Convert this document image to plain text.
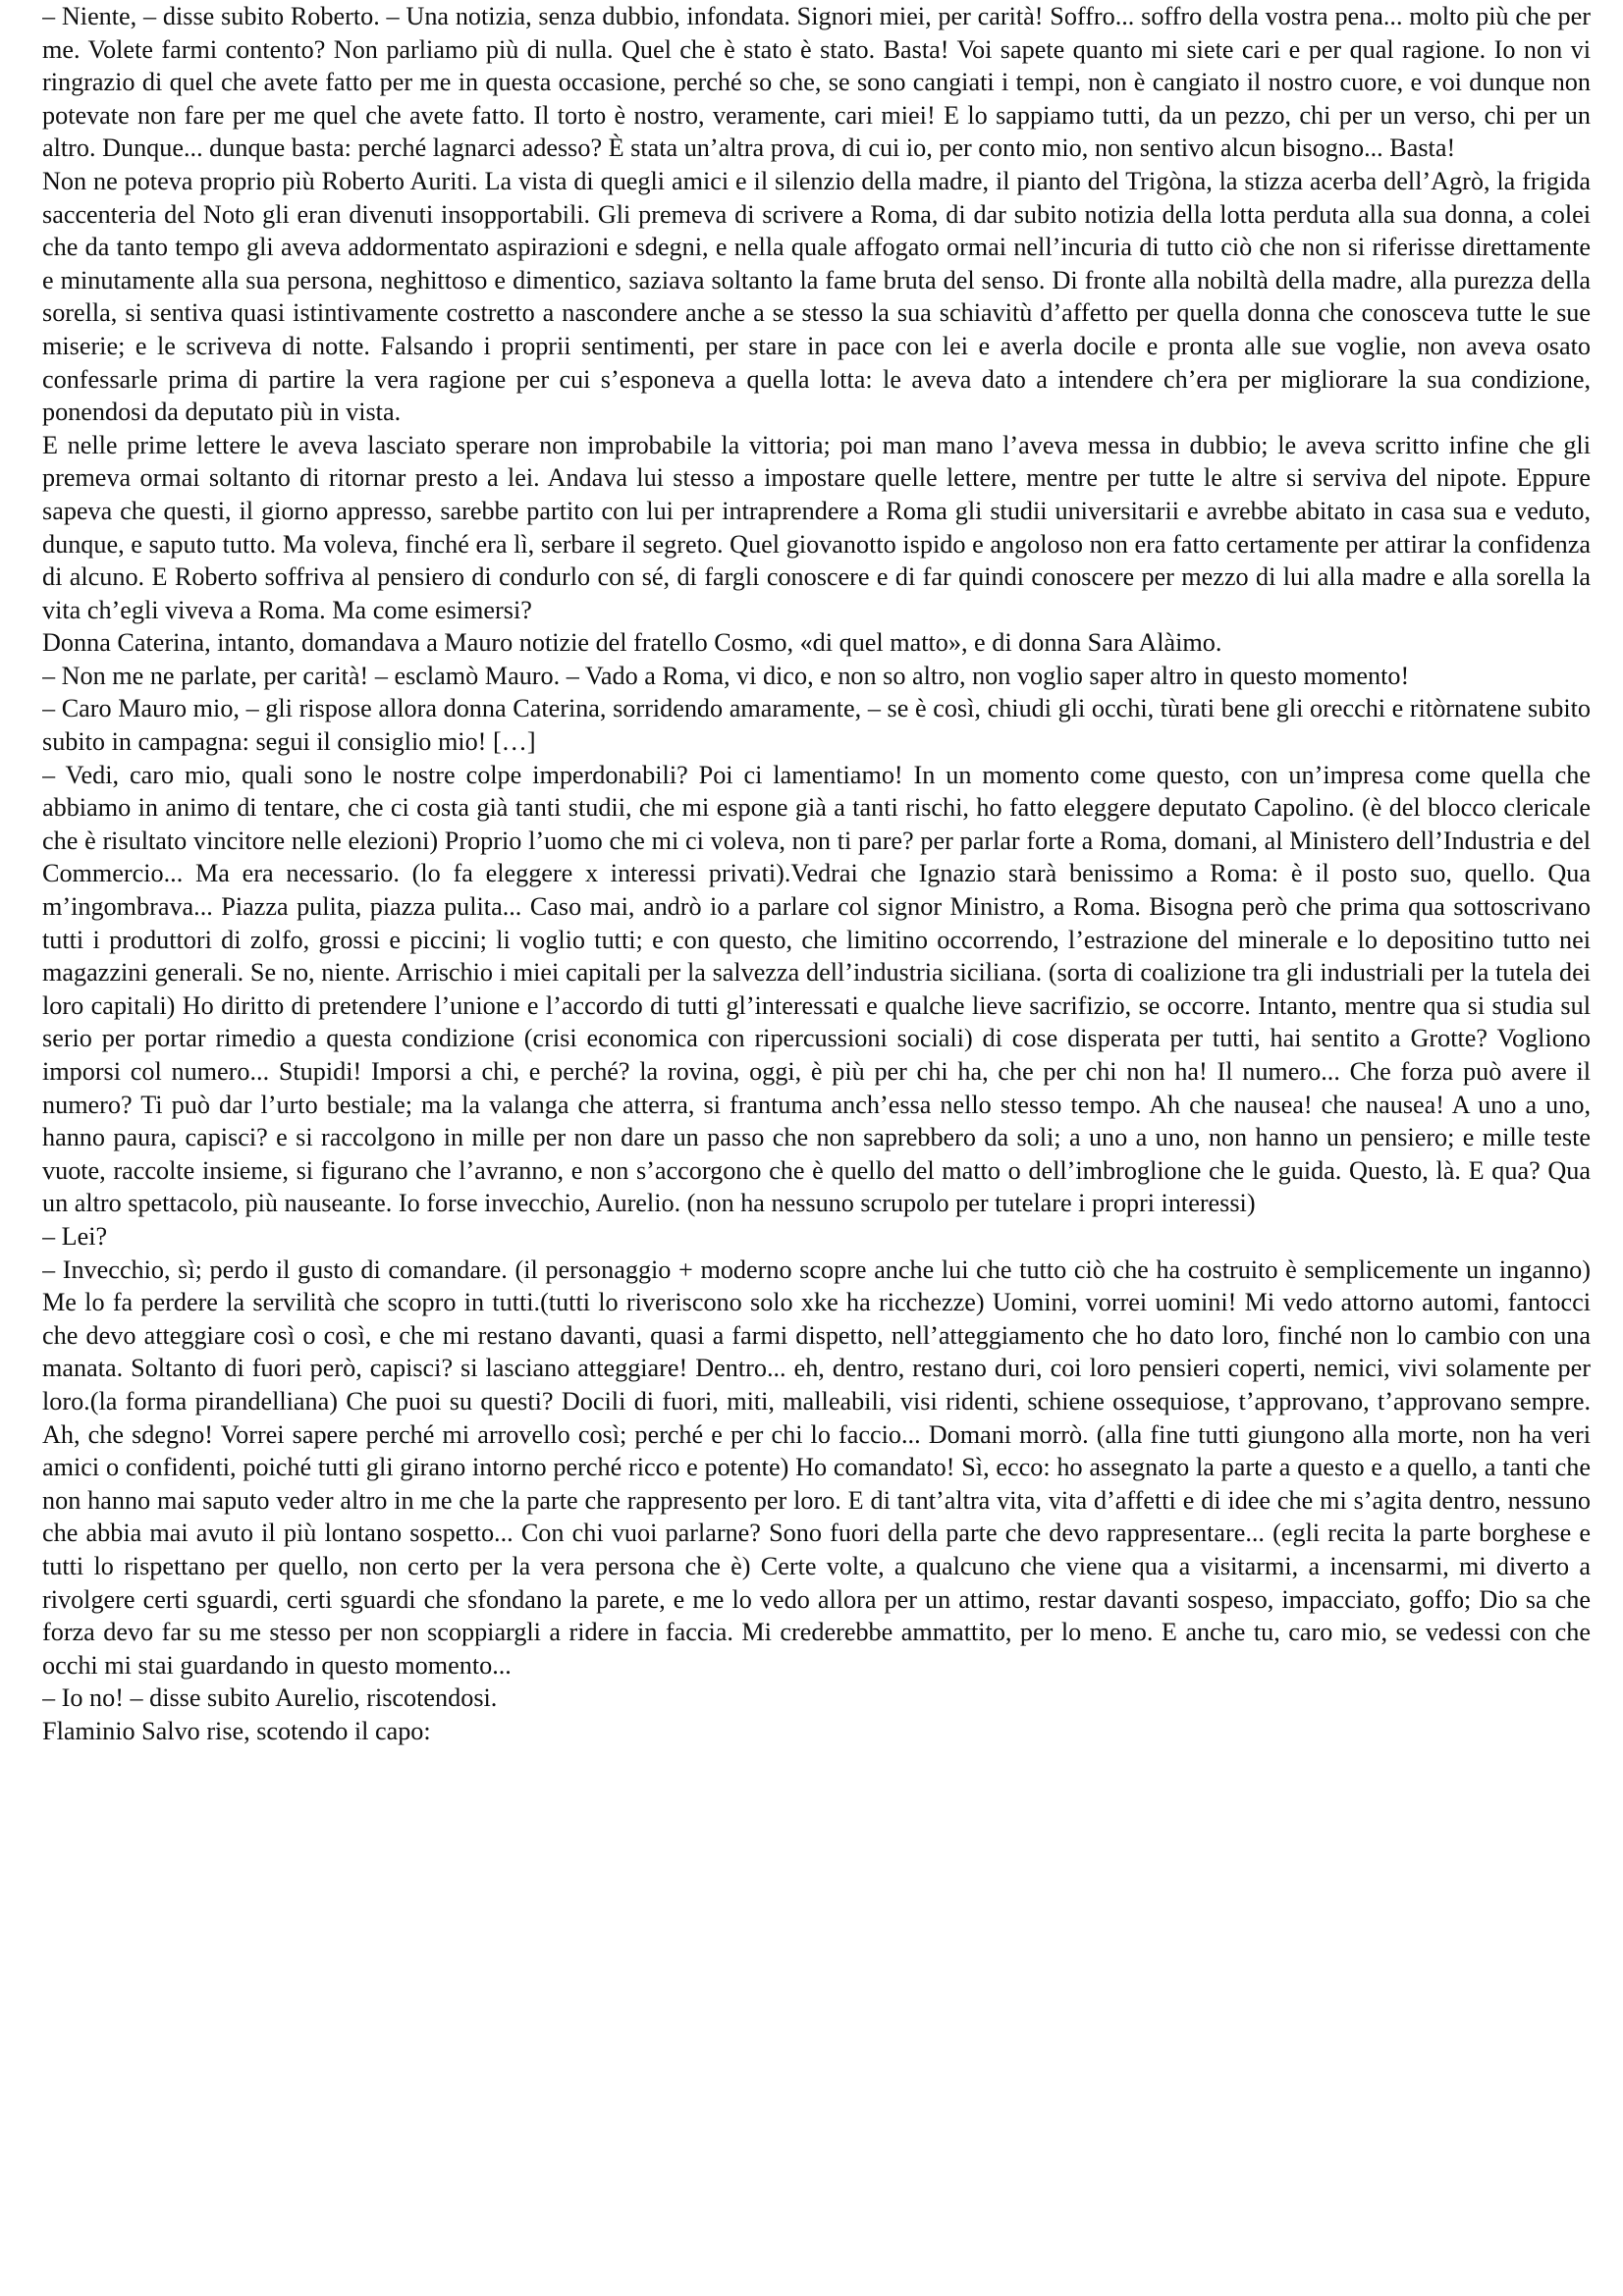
– Niente, – disse subito Roberto. – Una notizia, senza dubbio, infondata. Signori miei, per carità! Soffro... soffro della vostra pena... molto più che per me. Volete farmi contento? Non parliamo più di nulla. Quel che è stato è stato. Basta! Voi sapete quanto mi siete cari e per qual ragione. Io non vi ringrazio di quel che avete fatto per me in questa occasione, perché so che, se sono cangiati i tempi, non è cangiato il nostro cuore, e voi dunque non potevate non fare per me quel che avete fatto. Il torto è nostro, veramente, cari miei! E lo sappiamo tutti, da un pezzo, chi per un verso, chi per un altro. Dunque... dunque basta: perché lagnarci adesso? È stata un’altra prova, di cui io, per conto mio, non sentivo alcun bisogno... Basta!

Non ne poteva proprio più Roberto Auriti. La vista di quegli amici e il silenzio della madre, il pianto del Trigòna, la stizza acerba dell’Agrò, la frigida saccenteria del Noto gli eran divenuti insopportabili. Gli premeva di scrivere a Roma, di dar subito notizia della lotta perduta alla sua donna, a colei che da tanto tempo gli aveva addormentato aspirazioni e sdegni, e nella quale affogato ormai nell’incuria di tutto ciò che non si riferisse direttamente e minutamente alla sua persona, neghittoso e dimentico, saziava soltanto la fame bruta del senso. Di fronte alla nobiltà della madre, alla purezza della sorella, si sentiva quasi istintivamente costretto a nascondere anche a se stesso la sua schiavitù d’affetto per quella donna che conosceva tutte le sue miserie; e le scriveva di notte. Falsando i proprii sentimenti, per stare in pace con lei e averla docile e pronta alle sue voglie, non aveva osato confessarle prima di partire la vera ragione per cui s’esponeva a quella lotta: le aveva dato a intendere ch’era per migliorare la sua condizione, ponendosi da deputato più in vista.

E nelle prime lettere le aveva lasciato sperare non improbabile la vittoria; poi man mano l’aveva messa in dubbio; le aveva scritto infine che gli premeva ormai soltanto di ritornar presto a lei. Andava lui stesso a impostare quelle lettere, mentre per tutte le altre si serviva del nipote. Eppure sapeva che questi, il giorno appresso, sarebbe partito con lui per intraprendere a Roma gli studii universitarii e avrebbe abitato in casa sua e veduto, dunque, e saputo tutto. Ma voleva, finché era lì, serbare il segreto. Quel giovanotto ispido e angoloso non era fatto certamente per attirar la confidenza di alcuno. E Roberto soffriva al pensiero di condurlo con sé, di fargli conoscere e di far quindi conoscere per mezzo di lui alla madre e alla sorella la vita ch’egli viveva a Roma. Ma come esimersi?

Donna Caterina, intanto, domandava a Mauro notizie del fratello Cosmo, «di quel matto», e di donna Sara Alàimo.

– Non me ne parlate, per carità! – esclamò Mauro. – Vado a Roma, vi dico, e non so altro, non voglio saper altro in questo momento!

– Caro Mauro mio, – gli rispose allora donna Caterina, sorridendo amaramente, – se è così, chiudi gli occhi, tùrati bene gli orecchi e ritòrnatene subito subito in campagna: segui il consiglio mio! […]

– Vedi, caro mio, quali sono le nostre colpe imperdonabili? Poi ci lamentiamo! In un momento come questo, con un’impresa come quella che abbiamo in animo di tentare, che ci costa già tanti studii, che mi espone già a tanti rischi, ho fatto eleggere deputato Capolino. (è del blocco clericale che è risultato vincitore nelle elezioni) Proprio l’uomo che mi ci voleva, non ti pare? per parlar forte a Roma, domani, al Ministero dell’Industria e del Commercio... Ma era necessario. (lo fa eleggere x interessi privati).Vedrai che Ignazio starà benissimo a Roma: è il posto suo, quello. Qua m’ingombrava... Piazza pulita, piazza pulita... Caso mai, andrò io a parlare col signor Ministro, a Roma. Bisogna però che prima qua sottoscrivano tutti i produttori di zolfo, grossi e piccini; li voglio tutti; e con questo, che limitino occorrendo, l’estrazione del minerale e lo depositino tutto nei magazzini generali. Se no, niente. Arrischio i miei capitali per la salvezza dell’industria siciliana. (sorta di coalizione tra gli industriali per la tutela dei loro capitali) Ho diritto di pretendere l’unione e l’accordo di tutti gl’interessati e qualche lieve sacrifizio, se occorre. Intanto, mentre qua si studia sul serio per portar rimedio a questa condizione (crisi economica con ripercussioni sociali) di cose disperata per tutti, hai sentito a Grotte? Vogliono imporsi col numero... Stupidi! Imporsi a chi, e perché? la rovina, oggi, è più per chi ha, che per chi non ha! Il numero... Che forza può avere il numero? Ti può dar l’urto bestiale; ma la valanga che atterra, si frantuma anch’essa nello stesso tempo. Ah che nausea! che nausea! A uno a uno, hanno paura, capisci? e si raccolgono in mille per non dare un passo che non saprebbero da soli; a uno a uno, non hanno un pensiero; e mille teste vuote, raccolte insieme, si figurano che l’avranno, e non s’accorgono che è quello del matto o dell’imbroglione che le guida. Questo, là. E qua? Qua un altro spettacolo, più nauseante. Io forse invecchio, Aurelio. (non ha nessuno scrupolo per tutelare i propri interessi)

– Lei?

– Invecchio, sì; perdo il gusto di comandare. (il personaggio + moderno scopre anche lui che tutto ciò che ha costruito è semplicemente un inganno) Me lo fa perdere la servilità che scopro in tutti.(tutti lo riveriscono solo xke ha ricchezze) Uomini, vorrei uomini! Mi vedo attorno automi, fantocci che devo atteggiare così o così, e che mi restano davanti, quasi a farmi dispetto, nell’atteggiamento che ho dato loro, finché non lo cambio con una manata. Soltanto di fuori però, capisci? si lasciano atteggiare! Dentro... eh, dentro, restano duri, coi loro pensieri coperti, nemici, vivi solamente per loro.(la forma pirandelliana) Che puoi su questi? Docili di fuori, miti, malleabili, visi ridenti, schiene ossequiose, t’approvano, t’approvano sempre. Ah, che sdegno! Vorrei sapere perché mi arrovello così; perché e per chi lo faccio... Domani morrò. (alla fine tutti giungono alla morte, non ha veri amici o confidenti, poiché tutti gli girano intorno perché ricco e potente) Ho comandato! Sì, ecco: ho assegnato la parte a questo e a quello, a tanti che non hanno mai saputo veder altro in me che la parte che rappresento per loro. E di tant’altra vita, vita d’affetti e di idee che mi s’agita dentro, nessuno che abbia mai avuto il più lontano sospetto... Con chi vuoi parlarne? Sono fuori della parte che devo rappresentare... (egli recita la parte borghese e tutti lo rispettano per quello, non certo per la vera persona che è) Certe volte, a qualcuno che viene qua a visitarmi, a incensarmi, mi diverto a rivolgere certi sguardi, certi sguardi che sfondano la parete, e me lo vedo allora per un attimo, restar davanti sospeso, impacciato, goffo; Dio sa che forza devo far su me stesso per non scoppiargli a ridere in faccia. Mi crederebbe ammattito, per lo meno. E anche tu, caro mio, se vedessi con che occhi mi stai guardando in questo momento...

– Io no! – disse subito Aurelio, riscotendosi.

Flaminio Salvo rise, scotendo il capo:
